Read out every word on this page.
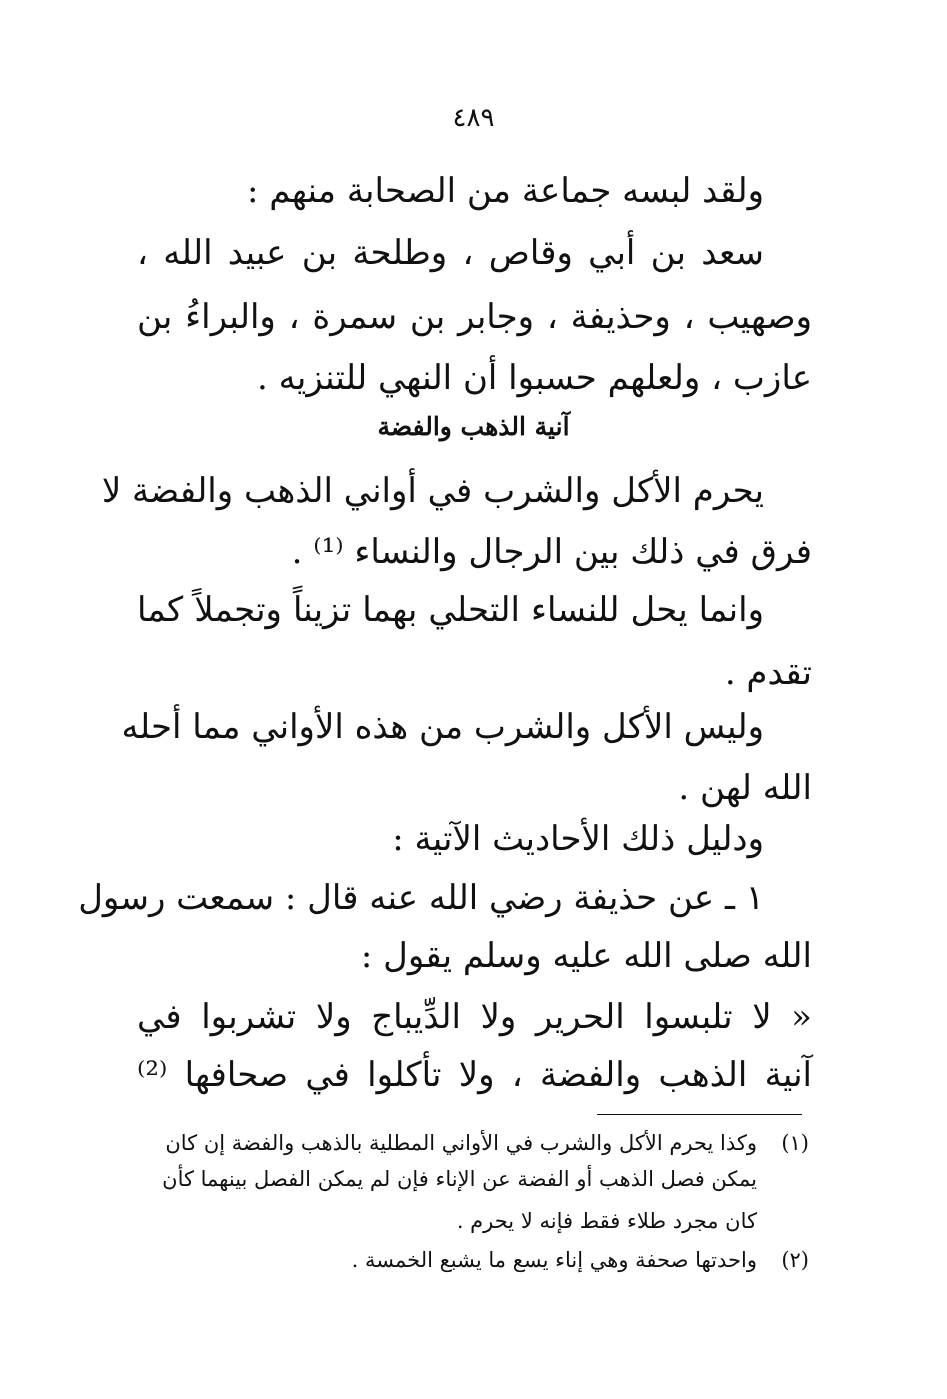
٤٨٩
ولقد لبسه جماعة من الصحابة منهم :
سعد بن أبي وقاص ، وطلحة بن عبيد الله ،
وصهيب ، وحذيفة ، وجابر بن سمرة ، والبراءُ بن
عازب ، ولعلهم حسبوا أن النهي للتنزيه .
آنية الذهب والفضة
يحرم الأكل والشرب في أواني الذهب والفضة لا
فرق في ذلك بين الرجال والنساء ⁽¹⁾ .
وانما يحل للنساء التحلي بهما تزيناً وتجملاً كما
تقدم .
وليس الأكل والشرب من هذه الأواني مما أحله
الله لهن .
ودليل ذلك الأحاديث الآتية :
١ ـ عن حذيفة رضي الله عنه قال : سمعت رسول
الله صلى الله عليه وسلم يقول :
« لا تلبسوا الحرير ولا الدِّيباج ولا تشربوا في
آنية الذهب والفضة ، ولا تأكلوا في صحافها ⁽²⁾
(١)وكذا يحرم الأكل والشرب في الأواني المطلية بالذهب والفضة إن كان
يمكن فصل الذهب أو الفضة عن الإناء فإن لم يمكن الفصل بينهما كأن
كان مجرد طلاء فقط فإنه لا يحرم .
(٢)واحدتها صحفة وهي إناء يسع ما يشبع الخمسة .
